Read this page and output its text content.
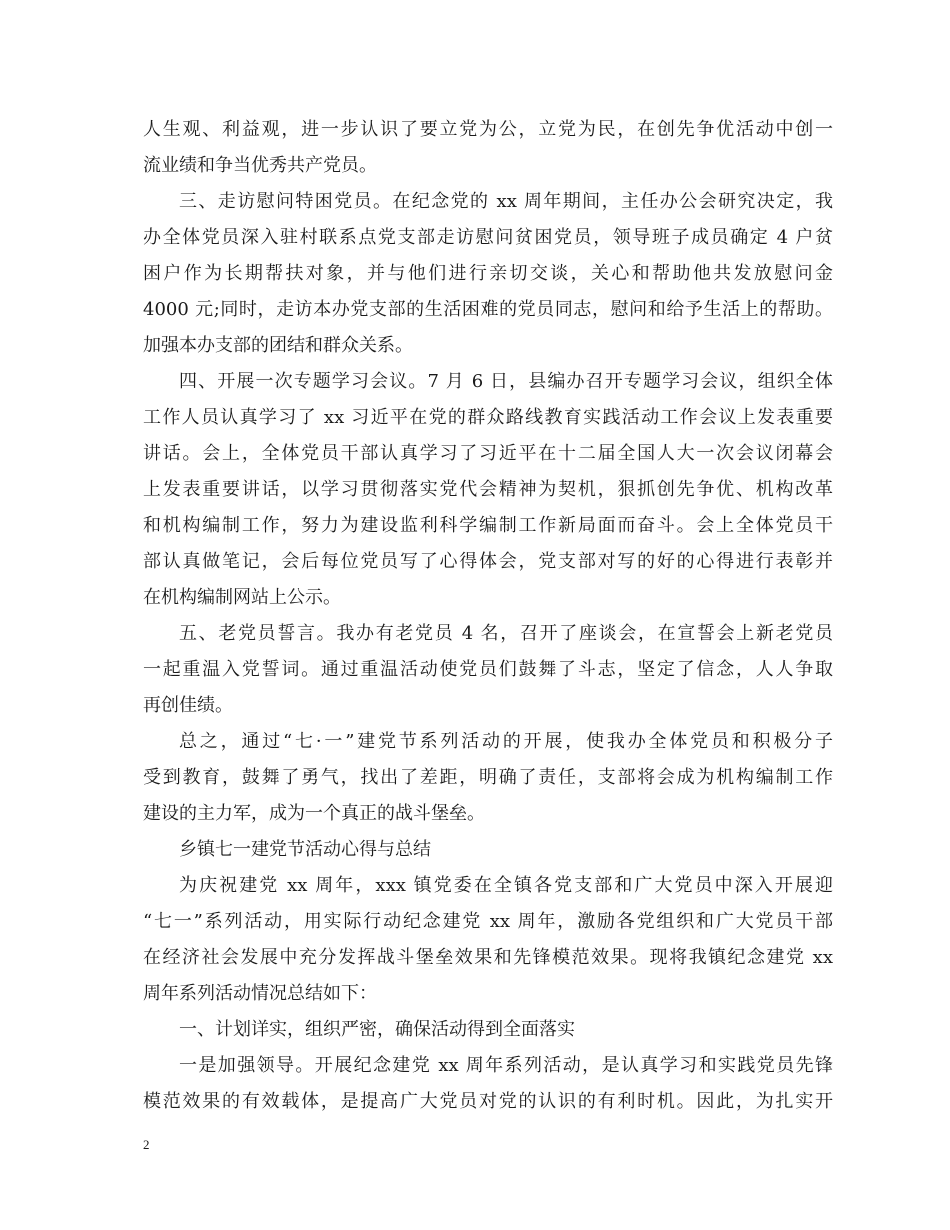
人生观、利益观，进一步认识了要立党为公，立党为民，在创先争优活动中创一
流业绩和争当优秀共产党员。
三、走访慰问特困党员。在纪念党的 xx 周年期间，主任办公会研究决定，我
办全体党员深入驻村联系点党支部走访慰问贫困党员，领导班子成员确定 4 户贫
困户作为长期帮扶对象，并与他们进行亲切交谈，关心和帮助他共发放慰问金
4000 元;同时，走访本办党支部的生活困难的党员同志，慰问和给予生活上的帮助。
加强本办支部的团结和群众关系。
四、开展一次专题学习会议。7 月 6 日，县编办召开专题学习会议，组织全体
工作人员认真学习了 xx 习近平在党的群众路线教育实践活动工作会议上发表重要
讲话。会上，全体党员干部认真学习了习近平在十二届全国人大一次会议闭幕会
上发表重要讲话，以学习贯彻落实党代会精神为契机，狠抓创先争优、机构改革
和机构编制工作，努力为建设监利科学编制工作新局面而奋斗。会上全体党员干
部认真做笔记，会后每位党员写了心得体会，党支部对写的好的心得进行表彰并
在机构编制网站上公示。
五、老党员誓言。我办有老党员 4 名，召开了座谈会，在宣誓会上新老党员
一起重温入党誓词。通过重温活动使党员们鼓舞了斗志，坚定了信念，人人争取
再创佳绩。
总之，通过“七·一”建党节系列活动的开展，使我办全体党员和积极分子
受到教育，鼓舞了勇气，找出了差距，明确了责任，支部将会成为机构编制工作
建设的主力军，成为一个真正的战斗堡垒。
乡镇七一建党节活动心得与总结
为庆祝建党 xx 周年，xxx 镇党委在全镇各党支部和广大党员中深入开展迎
“七一”系列活动，用实际行动纪念建党 xx 周年，激励各党组织和广大党员干部
在经济社会发展中充分发挥战斗堡垒效果和先锋模范效果。现将我镇纪念建党 xx
周年系列活动情况总结如下：
一、计划详实，组织严密，确保活动得到全面落实
一是加强领导。开展纪念建党 xx 周年系列活动，是认真学习和实践党员先锋
模范效果的有效载体，是提高广大党员对党的认识的有利时机。因此，为扎实开
2
